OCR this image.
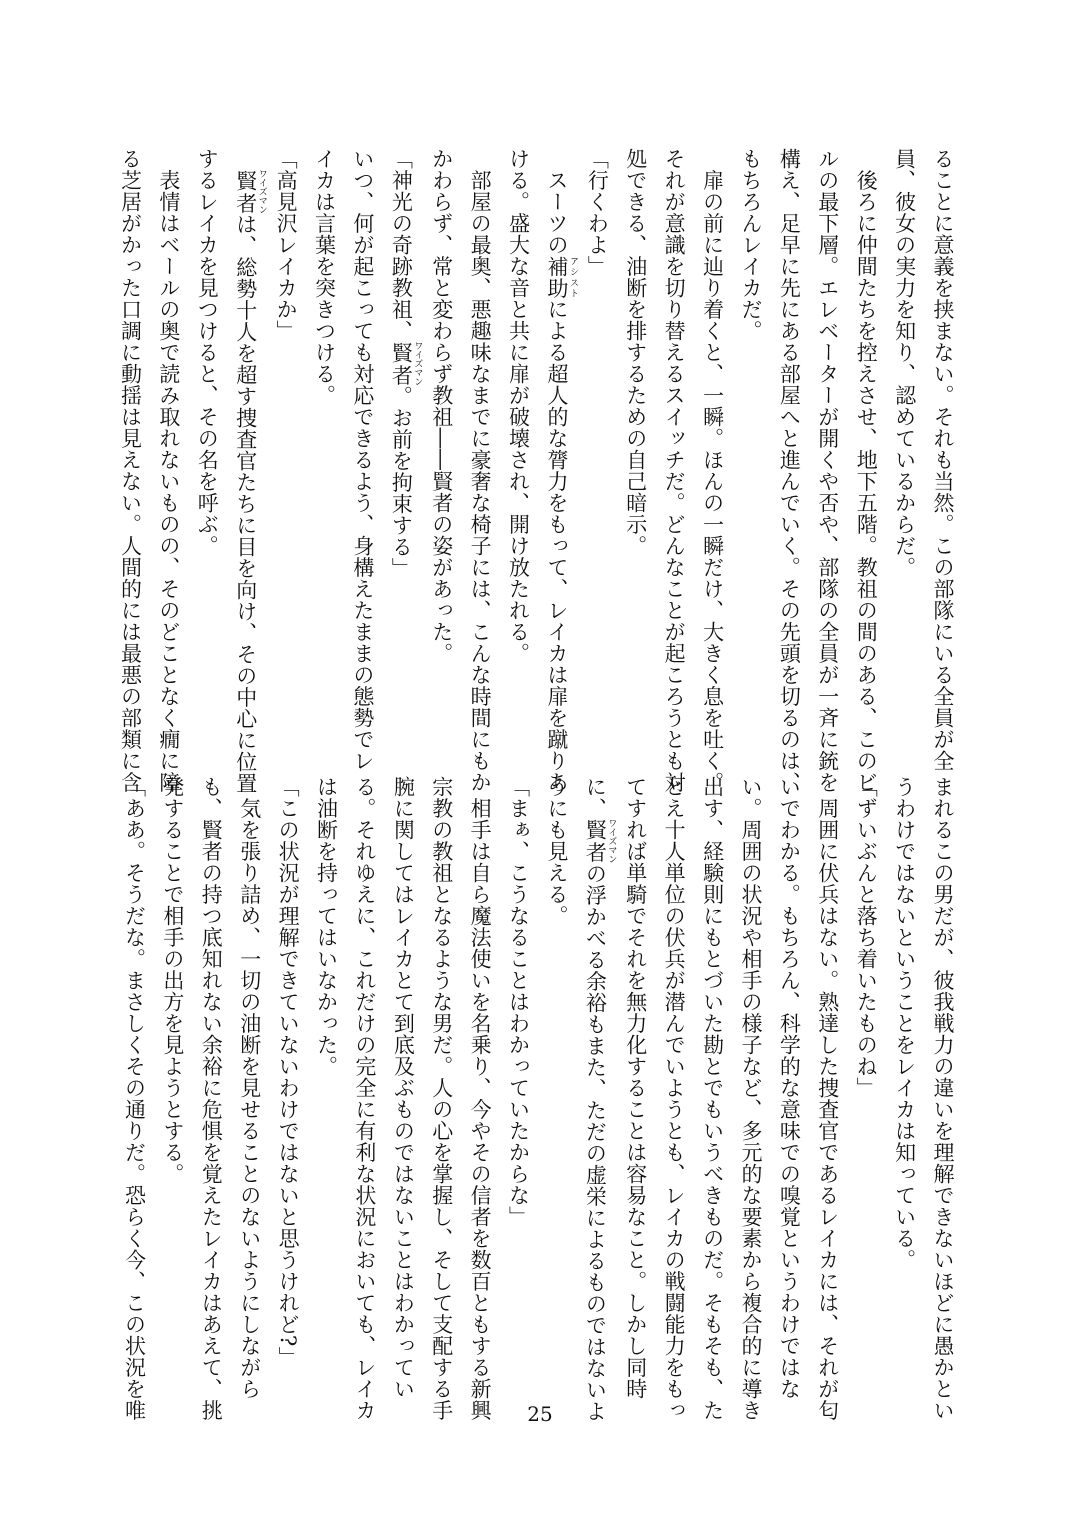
ることに意義を挟まない。それも当然。この部隊にいる全員が全
員、彼女の実力を知り、認めているからだ。
　後ろに仲間たちを控えさせ、地下五階。教祖の間のある、このビ
ルの最下層。エレベーターが開くや否や、部隊の全員が一斉に銃を
構え、足早に先にある部屋へと進んでいく。その先頭を切るのは、
もちろんレイカだ。
　扉の前に辿り着くと、一瞬。ほんの一瞬だけ、大きく息を吐く。
それが意識を切り替えるスイッチだ。どんなことが起ころうとも対
処できる、油断を排するための自己暗示。
「行くわよ」
　スーツの補助 アシストによる超人的な膂力をもって、レイカは扉を蹴りあ
ける。盛大な音と共に扉が破壊され、開け放たれる。
　部屋の最奥、悪趣味なまでに豪奢な椅子には、こんな時間にもか
かわらず、常と変わらず教祖――賢者の姿があった。
「神光の奇跡教祖、賢者 ワイズマン。お前を拘束する」
いつ、何が起こっても対応できるよう、身構えたままの態勢でレ
イカは言葉を突きつける。
「高見沢レイカか」
　賢者 ワイズマンは、総勢十人を超す捜査官たちに目を向け、その中心に位置
するレイカを見つけると、その名を呼ぶ。
　表情はベールの奥で読み取れないものの、そのどことなく癇に障
る芝居がかった口調に動揺は見えない。人間的には最悪の部類に含
まれるこの男だが、彼我戦力の違いを理解できないほどに愚かとい
うわけではないということをレイカは知っている。
「ずいぶんと落ち着いたものね」
　周囲に伏兵はない。熟達した捜査官であるレイカには、それが匂
いでわかる。もちろん、科学的な意味での嗅覚というわけではな
い。周囲の状況や相手の様子など、多元的な要素から複合的に導き
出す、経験則にもとづいた勘とでもいうべきものだ。そもそも、た
とえ十人単位の伏兵が潜んでいようとも、レイカの戦闘能力をもっ
てすれば単騎でそれを無力化することは容易なこと。しかし同時
に、賢者 ワイズマンの浮かべる余裕もまた、ただの虚栄によるものではないよ
うにも見える。
「まぁ、こうなることはわかっていたからな」
　相手は自ら魔法使いを名乗り、今やその信者を数百ともする新興
宗教の教祖となるような男だ。人の心を掌握し、そして支配する手
腕に関してはレイカとて到底及ぶものではないことはわかってい
る。それゆえに、これだけの完全に有利な状況においても、レイカ
は油断を持ってはいなかった。
「この状況が理解できていないわけではないと思うけれど?」
　気を張り詰め、一切の油断を見せることのないようにしながら
も、賢者の持つ底知れない余裕に危惧を覚えたレイカはあえて、挑
発することで相手の出方を見ようとする。
「ああ。そうだな。まさしくその通りだ。恐らく今、この状況を唯	25
